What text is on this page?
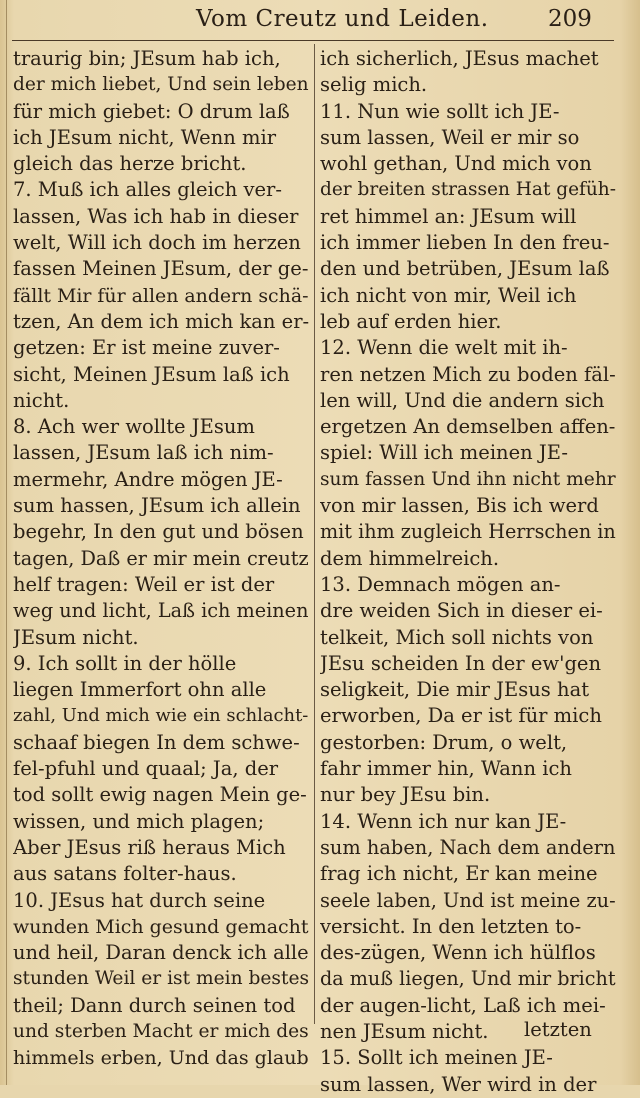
Vom Creutz und Leiden.	209
traurig bin; JEsum hab ich,
der mich liebet, Und sein leben
für mich giebet: O drum laß
ich JEsum nicht, Wenn mir
gleich das herze bricht.
7. Muß ich alles gleich ver-
lassen, Was ich hab in dieser
welt, Will ich doch im herzen
fassen Meinen JEsum, der ge-
fällt Mir für allen andern schä-
tzen, An dem ich mich kan er-
getzen: Er ist meine zuver-
sicht, Meinen JEsum laß ich
nicht.
8. Ach wer wollte JEsum
lassen, JEsum laß ich nim-
mermehr, Andre mögen JE-
sum hassen, JEsum ich allein
begehr, In den gut und bösen
tagen, Daß er mir mein creutz
helf tragen: Weil er ist der
weg und licht, Laß ich meinen
JEsum nicht.
9. Ich sollt in der hölle
liegen Immerfort ohn alle
zahl, Und mich wie ein schlacht-
schaaf biegen In dem schwe-
fel-pfuhl und quaal; Ja, der
tod sollt ewig nagen Mein ge-
wissen, und mich plagen;
Aber JEsus riß heraus Mich
aus satans folter-haus.
10. JEsus hat durch seine
wunden Mich gesund gemacht
und heil, Daran denck ich alle
stunden Weil er ist mein bestes
theil; Dann durch seinen tod
und sterben Macht er mich des
himmels erben, Und das glaub
ich sicherlich, JEsus machet
selig mich.
11. Nun wie sollt ich JE-
sum lassen, Weil er mir so
wohl gethan, Und mich von
der breiten strassen Hat gefüh-
ret himmel an: JEsum will
ich immer lieben In den freu-
den und betrüben, JEsum laß
ich nicht von mir, Weil ich
leb auf erden hier.
12. Wenn die welt mit ih-
ren netzen Mich zu boden fäl-
len will, Und die andern sich
ergetzen An demselben affen-
spiel: Will ich meinen JE-
sum fassen Und ihn nicht mehr
von mir lassen, Bis ich werd
mit ihm zugleich Herrschen in
dem himmelreich.
13. Demnach mögen an-
dre weiden Sich in dieser ei-
telkeit, Mich soll nichts von
JEsu scheiden In der ew'gen
seligkeit, Die mir JEsus hat
erworben, Da er ist für mich
gestorben: Drum, o welt,
fahr immer hin, Wann ich
nur bey JEsu bin.
14. Wenn ich nur kan JE-
sum haben, Nach dem andern
frag ich nicht, Er kan meine
seele laben, Und ist meine zu-
versicht. In den letzten to-
des-zügen, Wenn ich hülflos
da muß liegen, Und mir bricht
der augen-licht, Laß ich mei-
nen JEsum nicht.
15. Sollt ich meinen JE-
sum lassen, Wer wird in der
letzten
